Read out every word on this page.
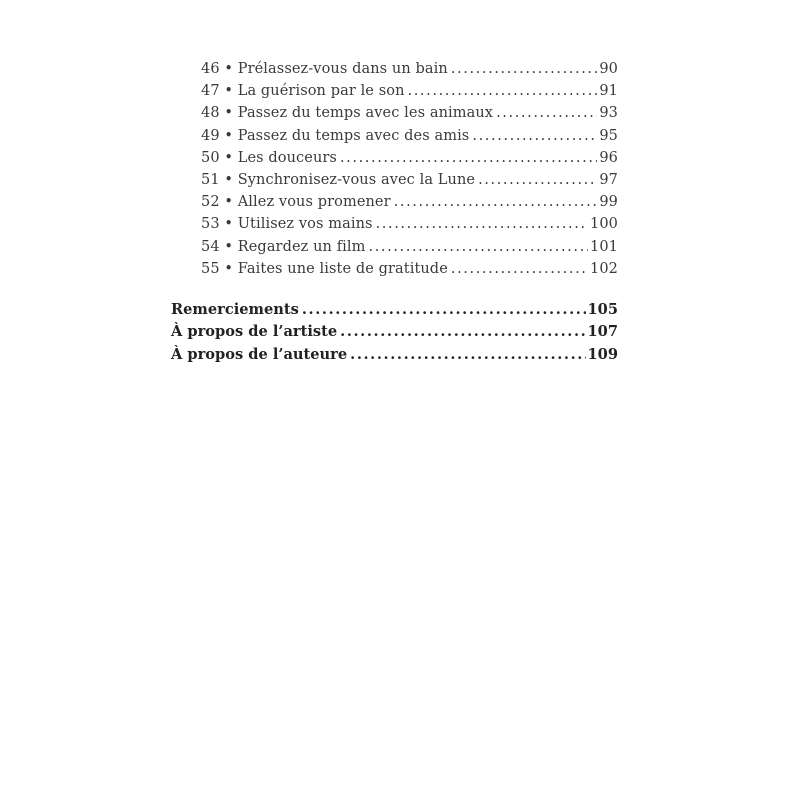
46 • Prélassez-vous dans un bain .....	90
47 • La guérison par le son .....	91
48 • Passez du temps avec les animaux .....	93
49 • Passez du temps avec des amis .....	95
50 • Les douceurs .....	96
51 • Synchronisez-vous avec la Lune .....	97
52 • Allez vous promener .....	99
53 • Utilisez vos mains .....	100
54 • Regardez un film .....	101
55 • Faites une liste de gratitude .....	102
Remerciements .....	105
À propos de l’artiste .....	107
À propos de l’auteure .....	109
